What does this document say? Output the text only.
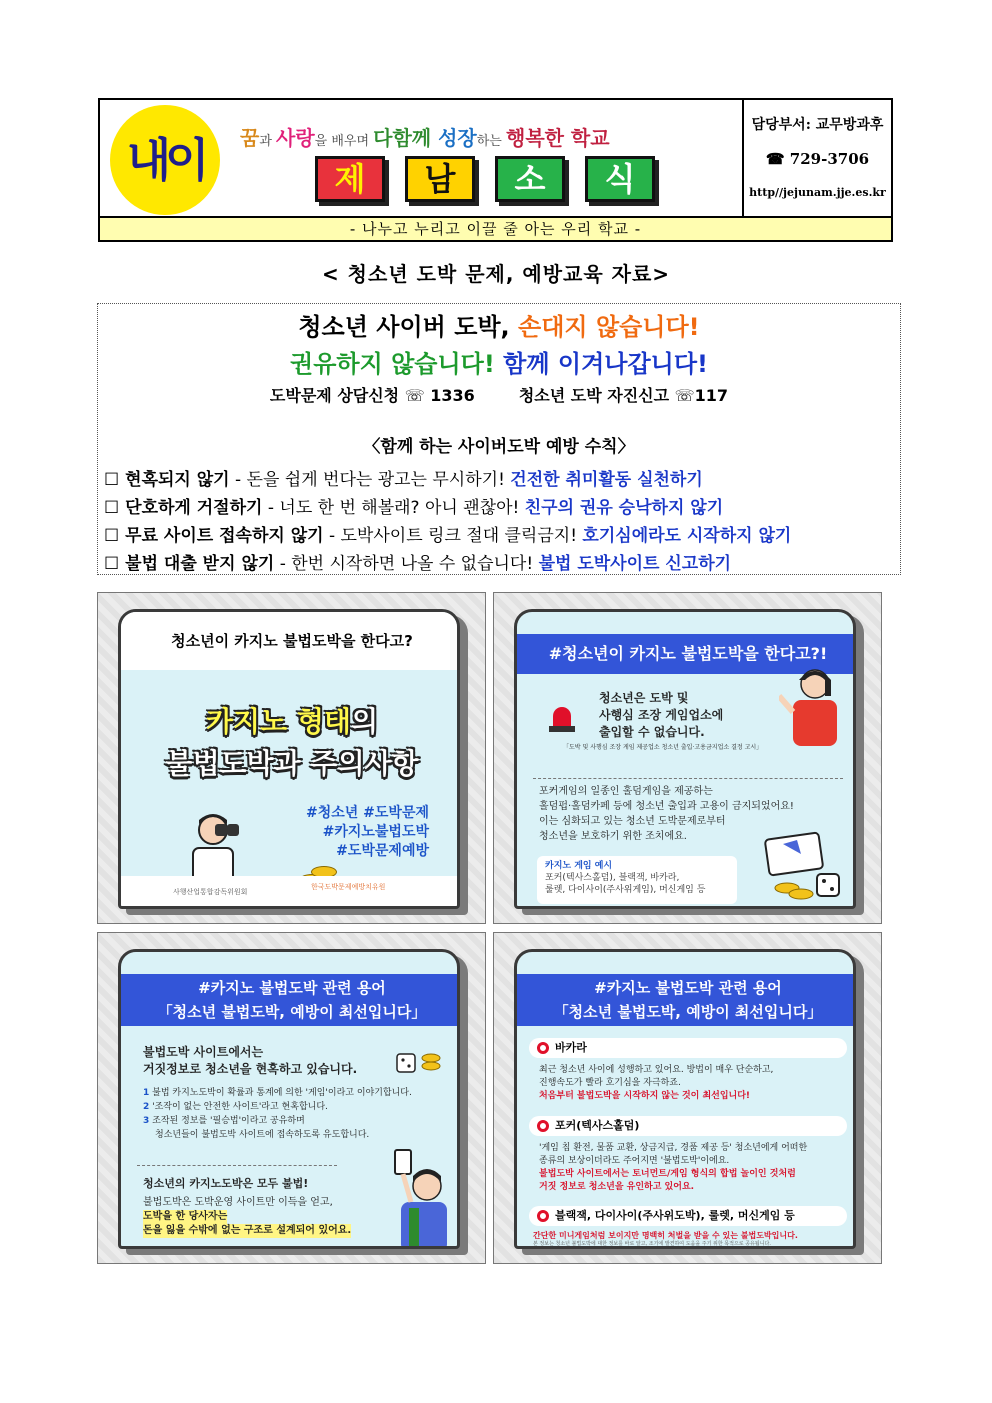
내이	꿈과 사랑을 배우며 다함께 성장하는 행복한 학교
제	남	소	식
담당부서: 교무방과후
☎ 729-3706
http//jejunam.jje.es.kr
- 나누고 누리고 이끌 줄 아는 우리 학교 -
< 청소년 도박 문제, 예방교육 자료>
청소년 사이버 도박, 손대지 않습니다!
권유하지 않습니다! 함께 이겨나갑니다!
도박문제 상담신청 ☏ 1336	청소년 도박 자진신고 ☏117
〈함께 하는 사이버도박 예방 수칙〉
☐ 현혹되지 않기 - 돈을 쉽게 번다는 광고는 무시하기! 건전한 취미활동 실천하기
☐ 단호하게 거절하기 - 너도 한 번 해볼래? 아니 괜찮아! 친구의 권유 승낙하지 않기
☐ 무료 사이트 접속하지 않기 - 도박사이트 링크 절대 클릭금지! 호기심에라도 시작하지 않기
☐ 불법 대출 받지 않기 - 한번 시작하면 나올 수 없습니다! 불법 도박사이트 신고하기
청소년이 카지노 불법도박을 한다고?
카지노 형태의
불법도박과 주의사항
#청소년 #도박문제
#카지노불법도박
#도박문제예방
사행산업통합감독위원회
한국도박문제예방치유원
#청소년이 카지노 불법도박을 한다고?!
청소년은 도박 및
사행심 조장 게임업소에
출입할 수 없습니다.
「도박 및 사행심 조장 게임 제공업소 청소년 출입·고용금지업소 결정 고시」
포커게임의 일종인 홀덤게임을 제공하는
홀덤펍·홀덤카페 등에 청소년 출입과 고용이 금지되었어요!
이는 심화되고 있는 청소년 도박문제로부터
청소년을 보호하기 위한 조치에요.
카지노 게임 예시
포커(텍사스홀덤), 블랙잭, 바카라,
룰렛, 다이사이(주사위게임), 머신게임 등
#카지노 불법도박 관련 용어
「청소년 불법도박, 예방이 최선입니다」
불법도박 사이트에서는
거짓정보로 청소년을 현혹하고 있습니다.
1 불법 카지노도박이 확률과 통계에 의한 '게임'이라고 이야기합니다.
2 '조작이 없는 안전한 사이트'라고 현혹합니다.
3 조작된 정보를 '필승법'이라고 공유하며
청소년들이 불법도박 사이트에 접속하도록 유도합니다.
청소년의 카지노도박은 모두 불법!
불법도박은 도박운영 사이트만 이득을 얻고,
도박을 한 당사자는
돈을 잃을 수밖에 없는 구조로 설계되어 있어요.
#카지노 불법도박 관련 용어
「청소년 불법도박, 예방이 최선입니다」
바카라
최근 청소년 사이에 성행하고 있어요. 방법이 매우 단순하고,
진행속도가 빨라 호기심을 자극하죠.
처음부터 불법도박을 시작하지 않는 것이 최선입니다!
포커(텍사스홀덤)
'게임 칩 환전, 물품 교환, 상금지급, 경품 제공 등' 청소년에게 어떠한
종류의 보상이더라도 주어지면 '불법도박'이에요.
불법도박 사이트에서는 토너먼트/게임 형식의 합법 놀이인 것처럼
거짓 정보로 청소년을 유인하고 있어요.
블랙잭, 다이사이(주사위도박), 룰렛, 머신게임 등
간단한 미니게임처럼 보이지만 명백히 처벌을 받을 수 있는 불법도박입니다.
본 정보는 청소년 불법도박에 대한 정보를 바로 알고, 조기에 발견하여 도움을 주기 위한 목적으로 공유됩니다.
